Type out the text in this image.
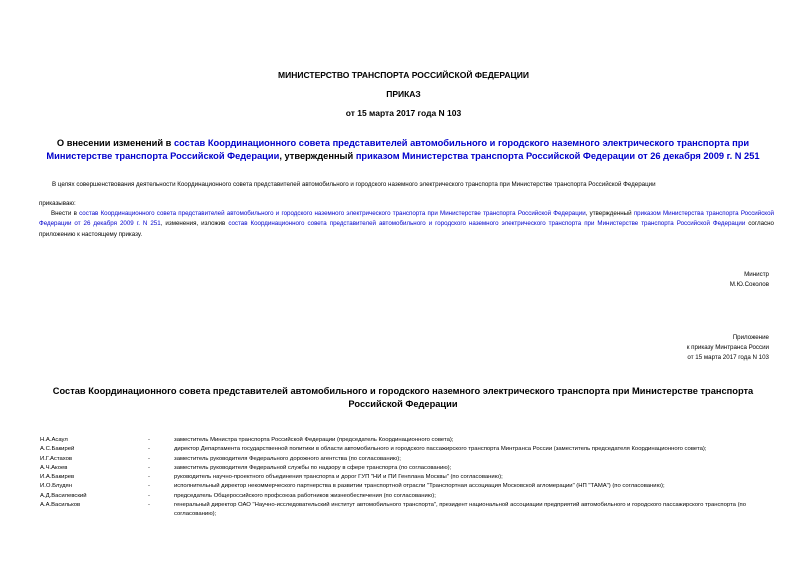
МИНИСТЕРСТВО ТРАНСПОРТА РОССИЙСКОЙ ФЕДЕРАЦИИ
ПРИКАЗ
от 15 марта 2017 года N 103
О внесении изменений в состав Координационного совета представителей автомобильного и городского наземного электрического транспорта при Министерстве транспорта Российской Федерации, утвержденный приказом Министерства транспорта Российской Федерации от 26 декабря 2009 г. N 251
В целях совершенствования деятельности Координационного совета представителей автомобильного и городского наземного электрического транспорта при Министерстве транспорта Российской Федерации
приказываю:
Внести в состав Координационного совета представителей автомобильного и городского наземного электрического транспорта при Министерстве транспорта Российской Федерации, утвержденный приказом Министерства транспорта Российской Федерации от 26 декабря 2009 г. N 251, изменения, изложив состав Координационного совета представителей автомобильного и городского наземного электрического транспорта при Министерстве транспорта Российской Федерации согласно приложению к настоящему приказу.
Министр
М.Ю.Соколов
Приложение
к приказу Минтранса России
от 15 марта 2017 года N 103
Состав Координационного совета представителей автомобильного и городского наземного электрического транспорта при Министерстве транспорта Российской Федерации
Н.А.Асаул	-	заместитель Министра транспорта Российской Федерации (председатель Координационного совета);
А.С.Бакирей	-	директор Департамента государственной политики в области автомобильного и городского пассажирского транспорта Минтранса России (заместитель председателя Координационного совета);
И.Г.Астахов	-	заместитель руководителя Федерального дорожного агентства (по согласованию);
А.Ч.Акоев	-	заместитель руководителя Федеральной службы по надзору в сфере транспорта (по согласованию);
И.А.Бакирев	-	руководитель научно-проектного объединения транспорта и дорог ГУП "НИ и ПИ Генплана Москвы" (по согласованию);
И.О.Блудян	-	исполнительный директор некоммерческого партнерства в развитии транспортной отрасли "Транспортная ассоциация Московской агломерации" (НП "ТАМА") (по согласованию);
А.Д.Василевский	-	председатель Общероссийского профсоюза работников жизнеобеспечения (по согласованию);
А.А.Васильков	-	генеральный директор ОАО "Научно-исследовательский институт автомобильного транспорта", президент национальной ассоциации предприятий автомобильного и городского пассажирского транспорта (по согласованию);
